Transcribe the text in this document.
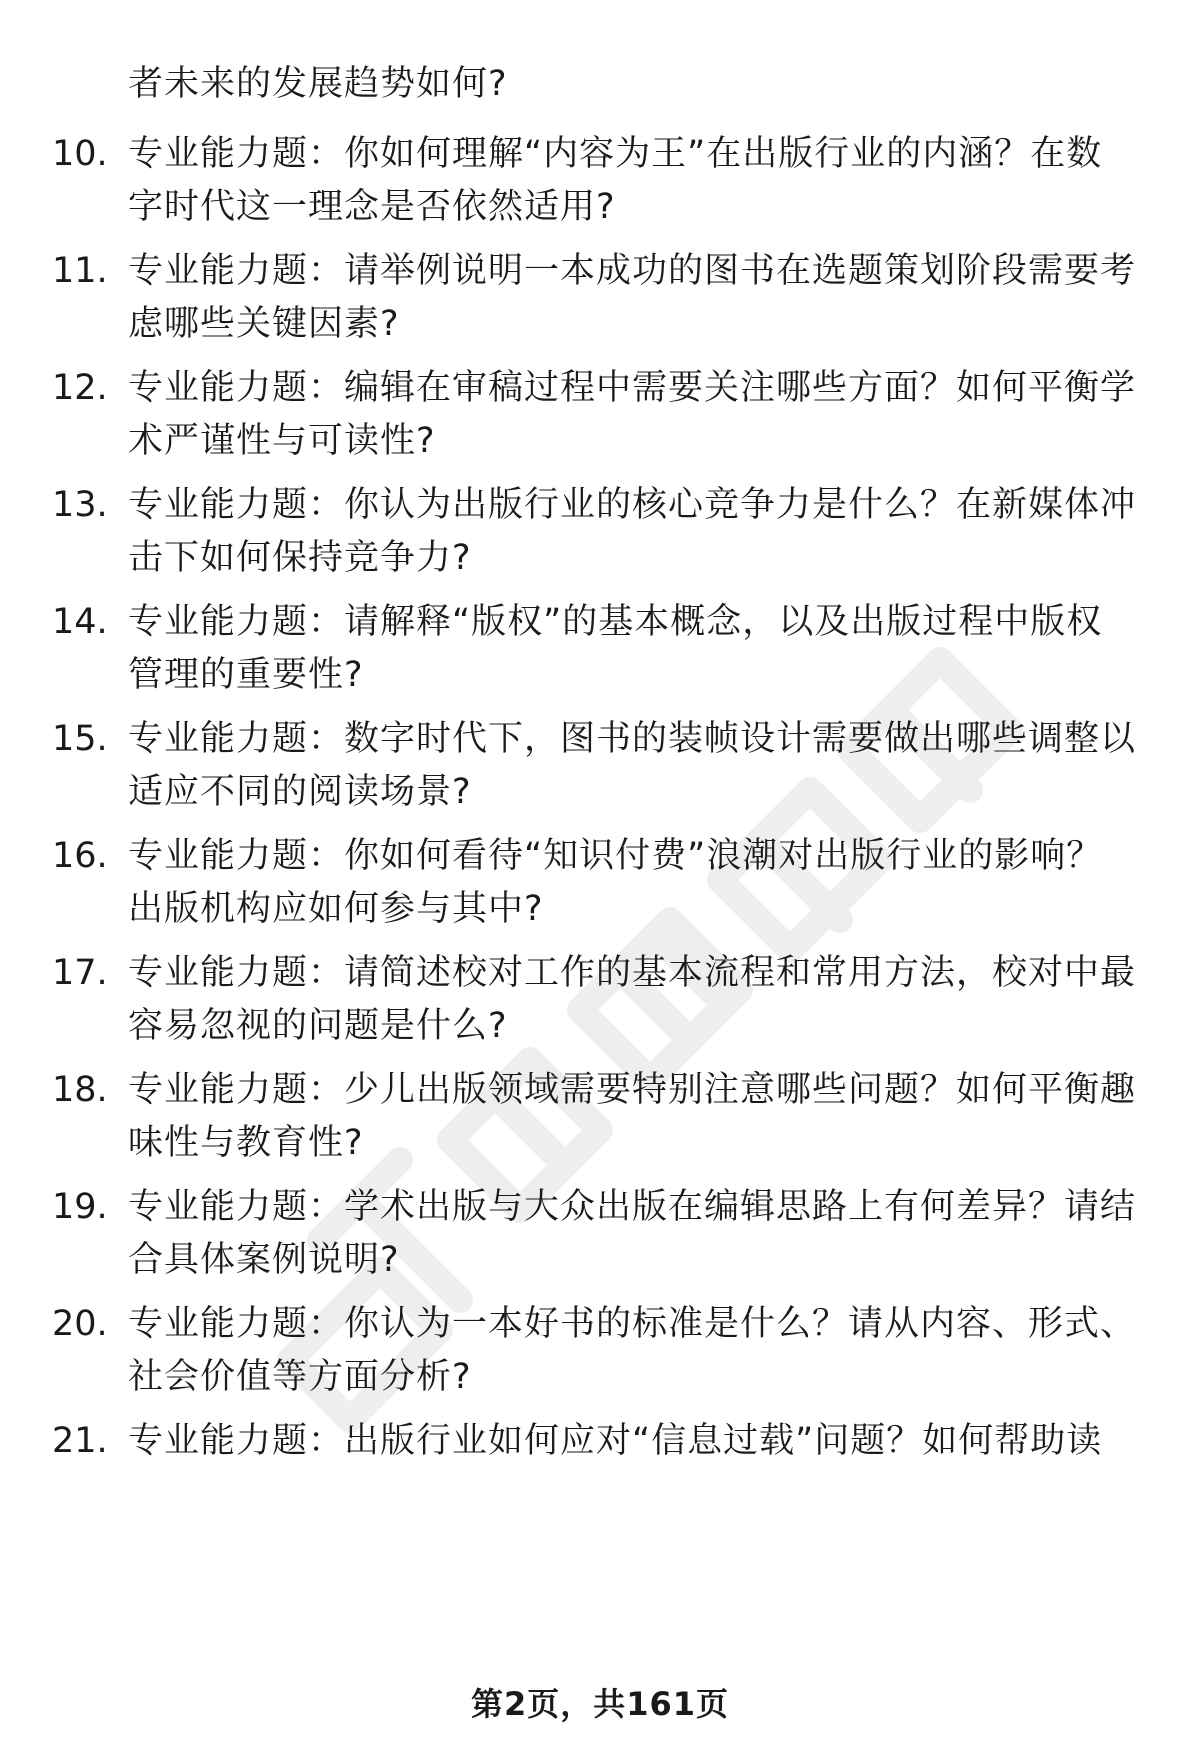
者未来的发展趋势如何?
10. 专业能力题：你如何理解“内容为王”在出版行业的内涵？在数
字时代这一理念是否依然适用?
11. 专业能力题：请举例说明一本成功的图书在选题策划阶段需要考
虑哪些关键因素?
12. 专业能力题：编辑在审稿过程中需要关注哪些方面？如何平衡学
术严谨性与可读性?
13. 专业能力题：你认为出版行业的核心竞争力是什么？在新媒体冲
击下如何保持竞争力?
14. 专业能力题：请解释“版权”的基本概念，以及出版过程中版权
管理的重要性?
15. 专业能力题：数字时代下，图书的装帧设计需要做出哪些调整以
适应不同的阅读场景?
16. 专业能力题：你如何看待“知识付费”浪潮对出版行业的影响？
出版机构应如何参与其中?
17. 专业能力题：请简述校对工作的基本流程和常用方法，校对中最
容易忽视的问题是什么?
18. 专业能力题：少儿出版领域需要特别注意哪些问题？如何平衡趣
味性与教育性?
19. 专业能力题：学术出版与大众出版在编辑思路上有何差异？请结
合具体案例说明?
20. 专业能力题：你认为一本好书的标准是什么？请从内容、形式、
社会价值等方面分析?
21. 专业能力题：出版行业如何应对“信息过载”问题？如何帮助读
第2页，共161页
